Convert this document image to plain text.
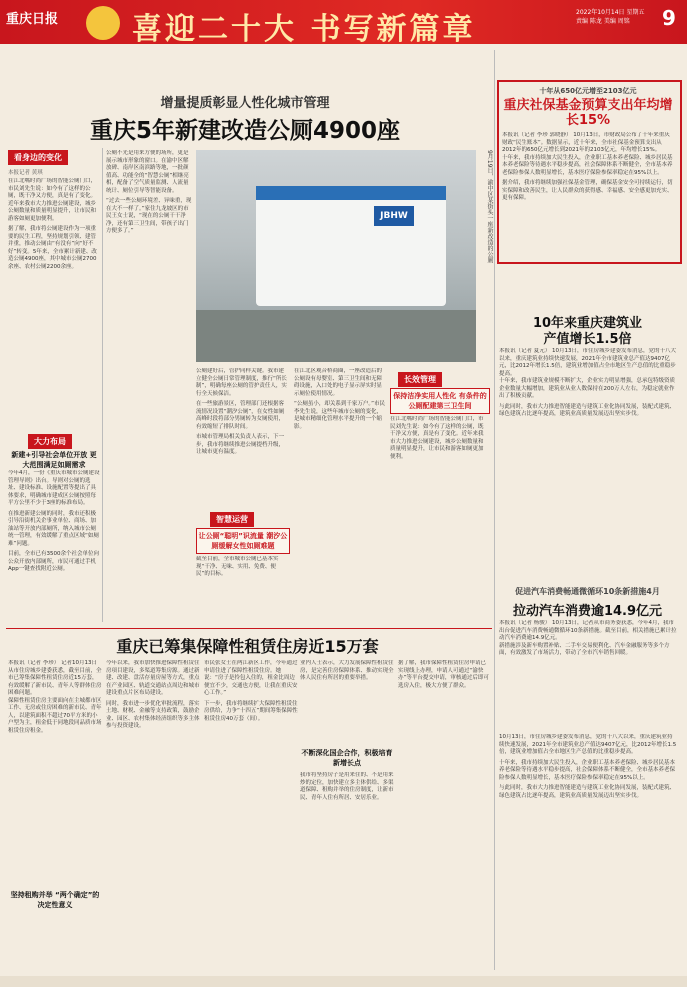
重庆日报 喜迎二十大 书写新篇章	2022年10月14日 星期五
责编 陈龙 美编 周铭	9
增量提质彰显人性化城市管理
重庆5年新建改造公厕4900座
看身边的变化
本报记者 黄琪

在江北嘴时尚广场的智能公厕门口，市民刘先生说：如今有了这样的公厕，既干净又方便，真是有了变化。近年来我市大力推进公厕建设，城乡公厕数量和质量明显提升，让市民和游客如厕更加便利。

据了解，我市将公厕建设作为一项重要的民生工程，坚持规划引领、建管并重，推动公厕由“有没有”向“好不好”转变。5年来，全市累计新建、改造公厕4900座，其中城市公厕2700余座、农村公厕2200余座。

大力布局
新建+引导社会单位开放 更大范围满足如厕需求

今年4月，一份《重庆市城市公厕建设管理导则》出台。导则对公厕的选址、建设标准、设施配置等提出了具体要求，明确城市建成区公厕按照每平方公里不少于3座的标准布局。

在推进新建公厕的同时，我市还积极引导沿街机关企事业单位、商场、加油站等开放内部厕所，纳入城市公厕统一管理，有效缓解了重点区域“如厕难”问题。

目前，全市已有3500余个社会单位向公众开放内部厕所，市民可通过手机App一键查找附近公厕。

公厕不光是用来方便的场所，更是展示城市形象的窗口。在渝中区解放碑、南岸区南滨路等地，一批颜值高、功能全的“智慧公厕”相继亮相，配备了空气质量监测、人流量统计、厕位引导等智能设备。

“过去一些公厕环境差、异味重，现在大不一样了。”家住九龙坡区的市民王女士说，“现在的公厕干干净净，还有第三卫生间，带孩子出门方便多了。”

JBHW	9月19日，渝中区某街头一座新改造的公厕

公厕建好后，管护同样关键。我市建立健全公厕日常管理制度，推行“所长制”，明确每座公厕的管护责任人，实行全天候保洁。

在一些旅游景区，管理部门还根据客流情况设置“潮汐公厕”，在女性如厕高峰时段将部分男厕转为女厕使用，有效缩短了排队时间。

市城市管理局相关负责人表示，下一步，我市将继续推进公厕提档升级，让城市更有温度。

智慧运营
让公厕“聪明”识流量 潮汐公厕缓解女性如厕难题

截至目前，全市城市公厕已基本实现“干净、无味、实用、免费、便民”的目标。

在江北区观音桥商圈，一座改造后的公厕设有母婴室、第三卫生间和无障碍设施，入口处的电子显示屏实时显示厕位使用情况。

“公厕虽小，却关系到千家万户。”市民李先生说，这些年城市公厕的变化，是城市精细化管理水平提升的一个缩影。

长效管理
保持洁净实用人性化 有条件的公厕配建第三卫生间

在江北嘴时尚广场的智能公厕门口，市民刘先生说：如今有了这样的公厕，既干净又方便，真是有了变化。近年来我市大力推进公厕建设，城乡公厕数量和质量明显提升，让市民和游客如厕更加便利。

十年从650亿元增至2103亿元
重庆社保基金预算支出年均增长15%
本报讯（记者 李珍 郭晓静） 10月13日，市财政局公布了十年来重庆财政“民生账本”。数据显示，近十年来，全市社保基金预算支出从2012年的650亿元增长到2021年的2103亿元，年均增长15%。

十年来，我市持续加大民生投入，企业职工基本养老保险、城乡居民基本养老保险等待遇水平稳步提高，社会保障体系不断健全，全市基本养老保险参保人数明显增长，基本医疗保险参保率稳定在95%以上。

据介绍，我市将继续加强社保基金管理，确保基金安全可持续运行，切实保障和改善民生，让人民群众的获得感、幸福感、安全感更加充实、更有保障。

10年来重庆建筑业
产值增长1.5倍
本报讯（记者 夏元） 10月13日，市住房城乡建委发布消息，党的十八大以来，重庆建筑业持续快速发展，2021年全市建筑业总产值达9407亿元，比2012年增长1.5倍，建筑业增加值占全市地区生产总值的比重稳步提高。

十年来，我市建筑业规模不断扩大，企业实力明显增强，总承包特级资质企业数量大幅增加，建筑业从业人数保持在200万人左右，为稳定就业作出了积极贡献。

与此同时，我市大力推进智能建造与建筑工业化协同发展，装配式建筑、绿色建筑占比逐年提高，建筑业高质量发展迈出坚实步伐。

促进汽车消费畅通微循环10条新措施4月
拉动汽车消费逾14.9亿元
本报讯（记者 杨骏） 10月13日，记者从市商务委获悉，今年4月，我市出台促进汽车消费畅通微循环10条新措施。截至目前，相关措施已累计拉动汽车消费逾14.9亿元。

新措施涉及新车购置补贴、二手车交易便利化、汽车金融服务等多个方面，有效激发了市场活力，带动了全市汽车销售回暖。

10月13日，市住房城乡建委发布消息，党的十八大以来，重庆建筑业持续快速发展，2021年全市建筑业总产值达9407亿元，比2012年增长1.5倍，建筑业增加值占全市地区生产总值的比重稳步提高。

十年来，我市持续加大民生投入，企业职工基本养老保险、城乡居民基本养老保险等待遇水平稳步提高，社会保障体系不断健全，全市基本养老保险参保人数明显增长，基本医疗保险参保率稳定在95%以上。

与此同时，我市大力推进智能建造与建筑工业化协同发展，装配式建筑、绿色建筑占比逐年提高，建筑业高质量发展迈出坚实步伐。

重庆已筹集保障性租赁住房近15万套
本报讯（记者 李珍） 记者10月13日从市住房城乡建委获悉，截至目前，全市已筹集保障性租赁住房近15万套，有效缓解了新市民、青年人等群体住房困难问题。

保障性租赁住房主要面向在主城都市区工作、无房或住房困难的新市民、青年人，以建筑面积不超过70平方米的小户型为主，租金低于同地段同品质市场租赁住房租金。

坚持租购并举 “两个确定”的决定性意义

今年以来，我市加快推进保障性租赁住房项目建设，多渠道筹集房源。通过新建、改建、盘活存量房屋等方式，重点在产业园区、轨道交通站点周边和城市建设重点片区布局建设。

同时，我市进一步优化审批流程，落实土地、财税、金融等支持政策，鼓励企业、园区、农村集体经济组织等多主体参与投资建设。

市民张女士在两江新区工作，今年通过申请住进了保障性租赁住房。她说：“房子是拎包入住的，租金比周边便宜不少，交通也方便，让我在重庆安心工作。”

下一步，我市将继续扩大保障性租赁住房供给，力争“十四五”期间筹集保障性租赁住房40万套（间）。

不断深化国企合作，积极培育新增长点

业内人士表示，大力发展保障性租赁住房，是完善住房保障体系、推动实现全体人民住有所居的重要举措。

我市将坚持房子是用来住的、不是用来炒的定位，加快建立多主体供给、多渠道保障、租购并举的住房制度，让新市民、青年人住有所居、安居乐业。

据了解，我市保障性租赁住房申请已实现线上办理，申请人可通过“渝快办”等平台提交申请，审核通过后即可选房入住，极大方便了群众。
